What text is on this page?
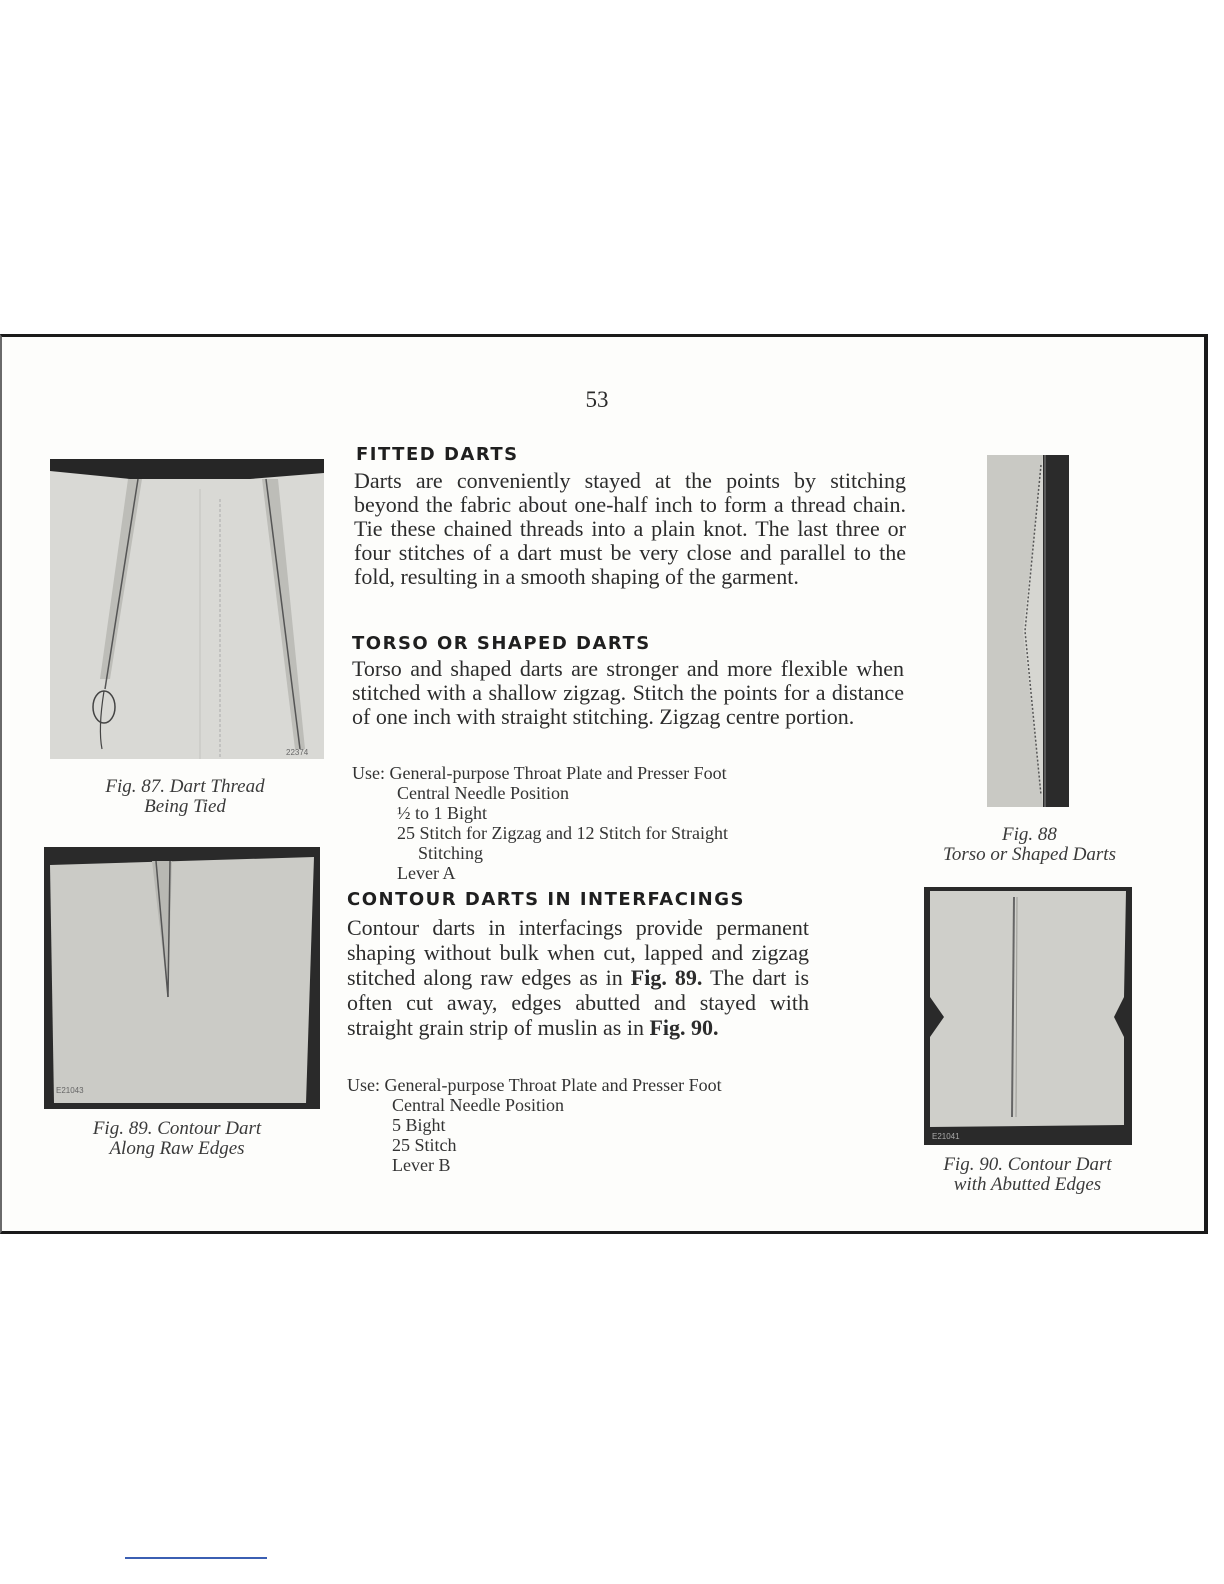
53
22374
Fig. 87. Dart Thread
Being Tied
E21043
Fig. 89. Contour Dart
Along Raw Edges
Fig. 88
Torso or Shaped Darts
E21041
Fig. 90. Contour Dart
with Abutted Edges
FITTED DARTS
Darts are conveniently stayed at the points by stitching beyond the fabric about one-half inch to form a thread chain. Tie these chained threads into a plain knot. The last three or four stitches of a dart must be very close and parallel to the fold, resulting in a smooth shaping of the garment.
TORSO OR SHAPED DARTS
Torso and shaped darts are stronger and more flexible when stitched with a shallow zigzag. Stitch the points for a distance of one inch with straight stitching. Zigzag centre portion.
Use: General-purpose Throat Plate and Presser Foot
Central Needle Position
½ to 1 Bight
25 Stitch for Zigzag and 12 Stitch for Straight
Stitching
Lever A
CONTOUR DARTS IN INTERFACINGS
Contour darts in interfacings provide permanent shaping without bulk when cut, lapped and zigzag stitched along raw edges as in Fig. 89. The dart is often cut away, edges abutted and stayed with straight grain strip of muslin as in Fig. 90.
Use: General-purpose Throat Plate and Presser Foot
Central Needle Position
5 Bight
25 Stitch
Lever B
